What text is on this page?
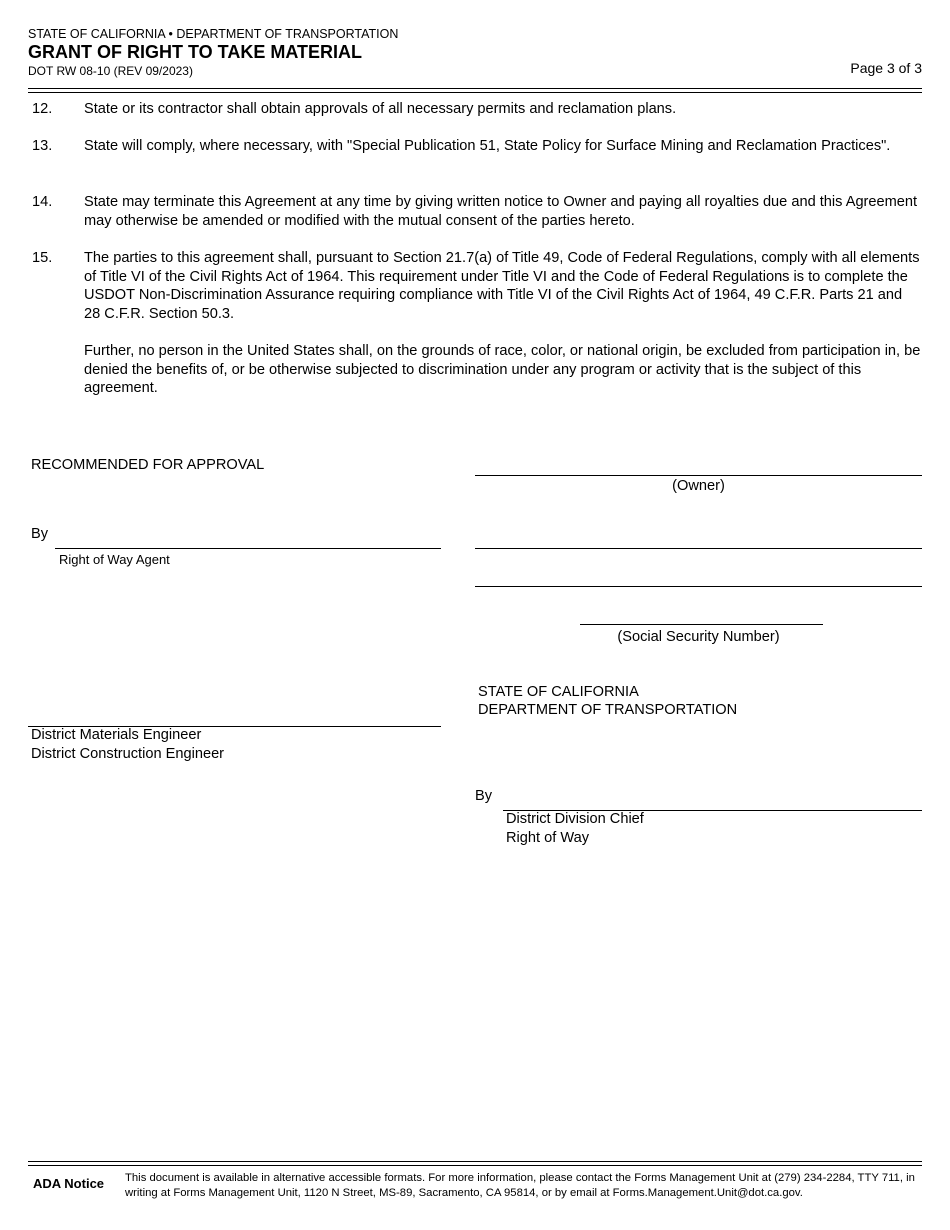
STATE OF CALIFORNIA • DEPARTMENT OF TRANSPORTATION
GRANT OF RIGHT TO TAKE MATERIAL
DOT RW 08-10 (REV 09/2023)	Page 3 of 3
12. State or its contractor shall obtain approvals of all necessary permits and reclamation plans.
13. State will comply, where necessary, with "Special Publication 51, State Policy for Surface Mining and Reclamation Practices".
14. State may terminate this Agreement at any time by giving written notice to Owner and paying all royalties due and this Agreement may otherwise be amended or modified with the mutual consent of the parties hereto.
15. The parties to this agreement shall, pursuant to Section 21.7(a) of Title 49, Code of Federal Regulations, comply with all elements of Title VI of the Civil Rights Act of 1964. This requirement under Title VI and the Code of Federal Regulations is to complete the USDOT Non-Discrimination Assurance requiring compliance with Title VI of the Civil Rights Act of 1964, 49 C.F.R. Parts 21 and 28 C.F.R. Section 50.3.
Further, no person in the United States shall, on the grounds of race, color, or national origin, be excluded from participation in, be denied the benefits of, or be otherwise subjected to discrimination under any program or activity that is the subject of this agreement.
RECOMMENDED FOR APPROVAL
By
Right of Way Agent
District Materials Engineer
District Construction Engineer
(Owner)
(Social Security Number)
STATE OF CALIFORNIA
DEPARTMENT OF TRANSPORTATION
By
District Division Chief
Right of Way
ADA Notice This document is available in alternative accessible formats. For more information, please contact the Forms Management Unit at (279) 234-2284, TTY 711, in writing at Forms Management Unit, 1120 N Street, MS-89, Sacramento, CA 95814, or by email at Forms.Management.Unit@dot.ca.gov.
